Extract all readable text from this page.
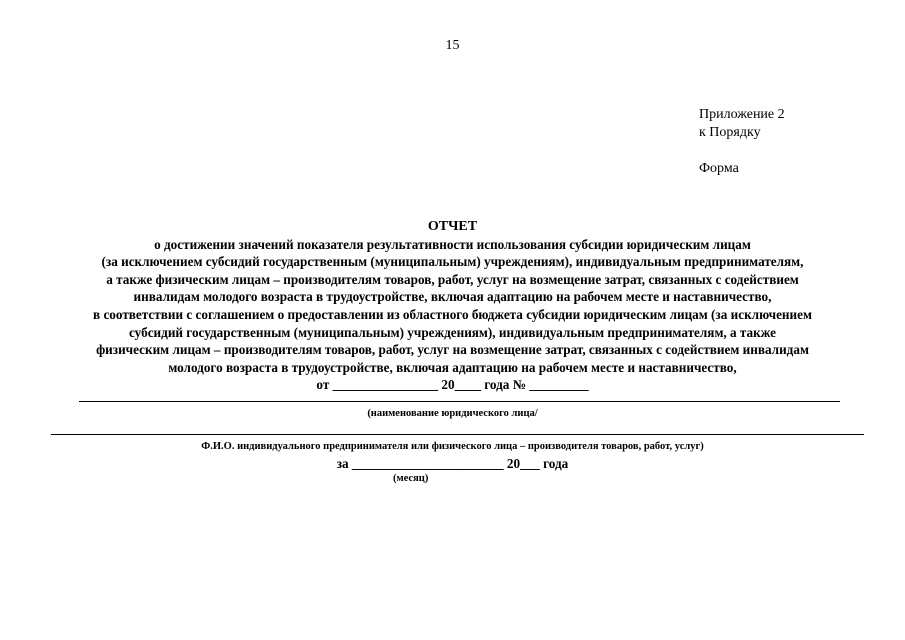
15
Приложение 2
к Порядку
Форма
ОТЧЕТ
о достижении значений показателя результативности использования субсидии юридическим лицам
(за исключением субсидий государственным (муниципальным) учреждениям), индивидуальным предпринимателям,
а также физическим лицам – производителям товаров, работ, услуг на возмещение затрат, связанных с содействием
инвалидам молодого возраста в трудоустройстве, включая адаптацию на рабочем месте и наставничество,
в соответствии с соглашением о предоставлении из областного бюджета субсидии юридическим лицам (за исключением
субсидий государственным (муниципальным) учреждениям), индивидуальным предпринимателям, а также
физическим лицам – производителям товаров, работ, услуг на возмещение затрат, связанных с содействием инвалидам
молодого возраста в трудоустройстве, включая адаптацию на рабочем месте и наставничество,
от ________________ 20____ года № _________
(наименование юридического лица/
Ф.И.О. индивидуального предпринимателя или физического лица – производителя товаров, работ, услуг)
за _______________________ 20___ года
(месяц)
